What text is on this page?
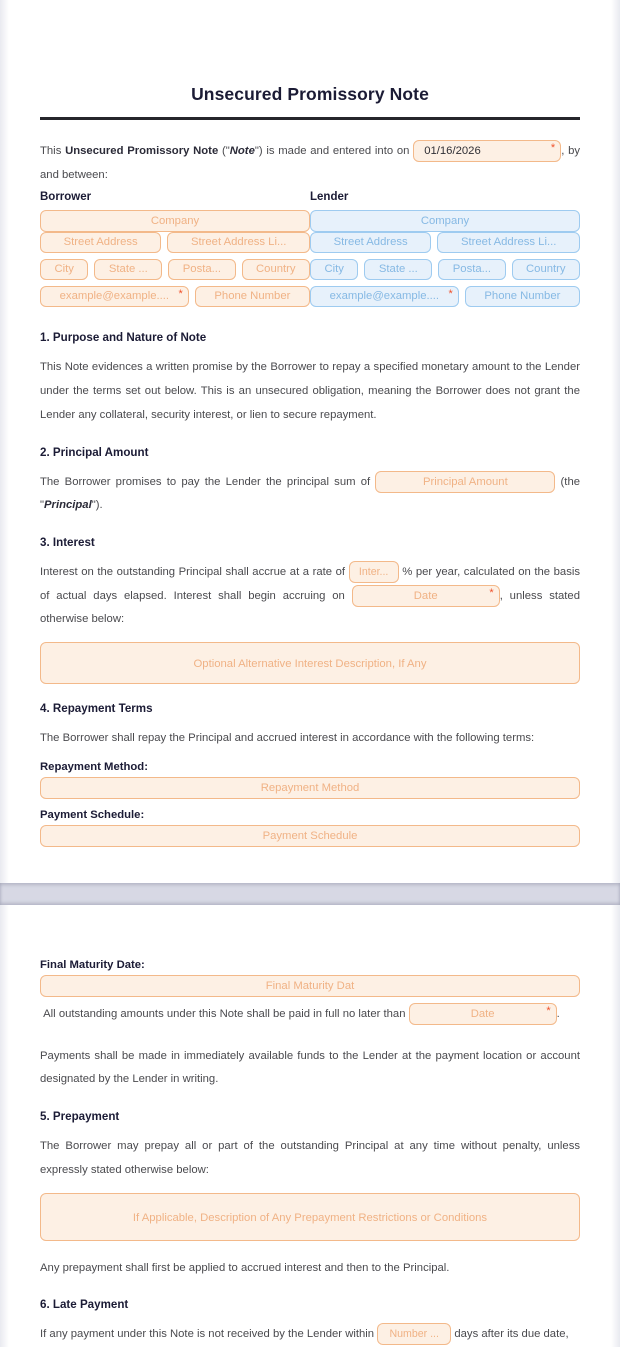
Unsecured Promissory Note

This Unsecured Promissory Note ("Note") is made and entered into on 01/16/2026	* , by and between:

Borrower
Company
Street Address	Street Address Li...
City	State ...	Posta...	Country
example@example.... *	Phone Number
Lender
Company
Street Address	Street Address Li...
City	State ...	Posta...	Country
example@example.... *	Phone Number
1. Purpose and Nature of Note

This Note evidences a written promise by the Borrower to repay a specified monetary amount to the Lender under the terms set out below. This is an unsecured obligation, meaning the Borrower does not grant the Lender any collateral, security interest, or lien to secure repayment.

2. Principal Amount

The Borrower promises to pay the Lender the principal sum of	Principal Amount	(the "Principal").

3. Interest

Interest on the outstanding Principal shall accrue at a rate of Inter... % per year, calculated on the basis of actual days elapsed. Interest shall begin accruing on	Date	* , unless stated otherwise below:

Optional Alternative Interest Description, If Any
4. Repayment Terms

The Borrower shall repay the Principal and accrued interest in accordance with the following terms:

Repayment Method:
Repayment Method
Payment Schedule:
Payment Schedule
Final Maturity Date:
Final Maturity Dat

All outstanding amounts under this Note shall be paid in full no later than	Date	* .

Payments shall be made in immediately available funds to the Lender at the payment location or account designated by the Lender in writing.

5. Prepayment

The Borrower may prepay all or part of the outstanding Principal at any time without penalty, unless expressly stated otherwise below:

If Applicable, Description of Any Prepayment Restrictions or Conditions

Any prepayment shall first be applied to accrued interest and then to the Principal.

6. Late Payment

If any payment under this Note is not received by the Lender within Number ... days after its due date,
